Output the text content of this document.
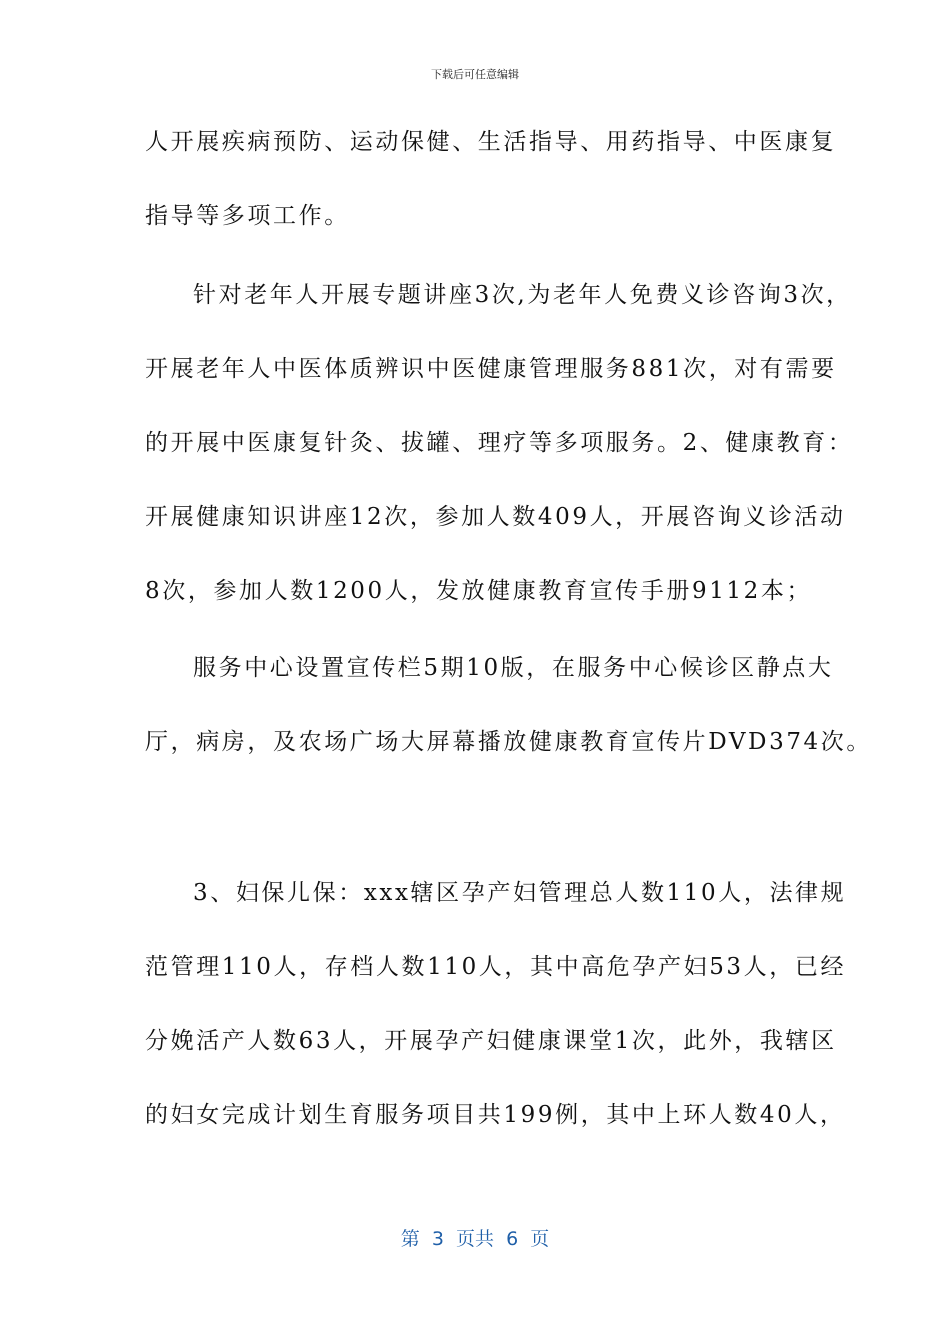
下载后可任意编辑
人开展疾病预防、运动保健、生活指导、用药指导、中医康复
指导等多项工作。
针对老年人开展专题讲座3次,为老年人免费义诊咨询3次，
开展老年人中医体质辨识中医健康管理服务881次，对有需要
的开展中医康复针灸、拔罐、理疗等多项服务。2、健康教育：
开展健康知识讲座12次，参加人数409人，开展咨询义诊活动
8次，参加人数1200人，发放健康教育宣传手册9112本；
服务中心设置宣传栏5期10版，在服务中心候诊区静点大
厅，病房，及农场广场大屏幕播放健康教育宣传片DVD374次。
3、妇保儿保：xxx辖区孕产妇管理总人数110人，法律规
范管理110人，存档人数110人，其中高危孕产妇53人，已经
分娩活产人数63人，开展孕产妇健康课堂1次，此外，我辖区
的妇女完成计划生育服务项目共199例，其中上环人数40人，
第  3  页共  6  页
